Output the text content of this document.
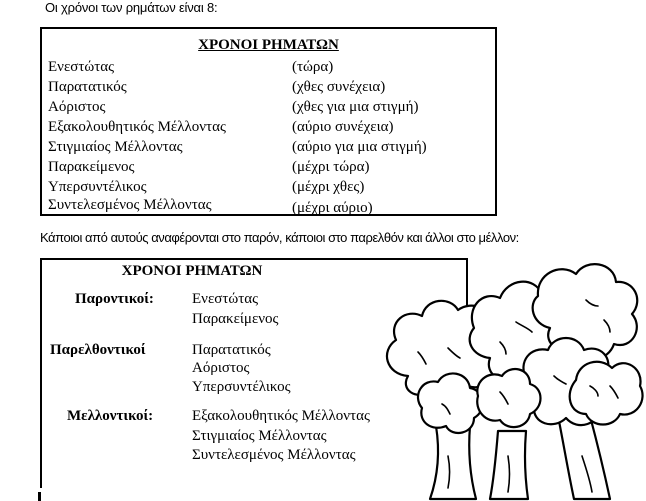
Οι χρόνοι των ρημάτων είναι 8:
ΧΡΟΝΟΙ ΡΗΜΑΤΩΝ
Ενεστώτας	(τώρα)
Παρατατικός	(χθες συνέχεια)
Αόριστος	(χθες για μια στιγμή)
Εξακολουθητικός Μέλλοντας	(αύριο συνέχεια)
Στιγμιαίος Μέλλοντας	(αύριο για μια στιγμή)
Παρακείμενος	(μέχρι τώρα)
Υπερσυντέλικος	(μέχρι χθες)
Συντελεσμένος Μέλλοντας	(μέχρι αύριο)
Κάποιοι από αυτούς αναφέρονται στο παρόν, κάποιοι στο παρελθόν και άλλοι στο μέλλον:
ΧΡΟΝΟΙ ΡΗΜΑΤΩΝ
Παροντικοί:	Ενεστώτας
Παρακείμενος
Παρελθοντικοί	Παρατατικός
Αόριστος
Υπερσυντέλικος
Μελλοντικοί:	Εξακολουθητικός Μέλλοντας
Στιγμιαίος Μέλλοντας
Συντελεσμένος Μέλλοντας
